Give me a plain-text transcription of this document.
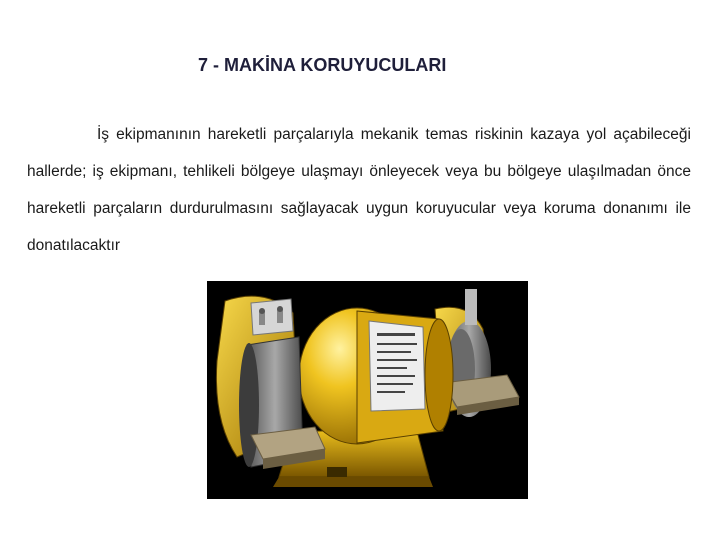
7 - MAKİNA KORUYUCULARI
İş ekipmanının hareketli parçalarıyla mekanik temas riskinin kazaya yol açabileceği hallerde; iş ekipmanı, tehlikeli bölgeye ulaşmayı önleyecek veya bu bölgeye ulaşılmadan önce hareketli parçaların durdurulmasını sağlayacak uygun koruyucular veya koruma donanımı ile donatılacaktır
